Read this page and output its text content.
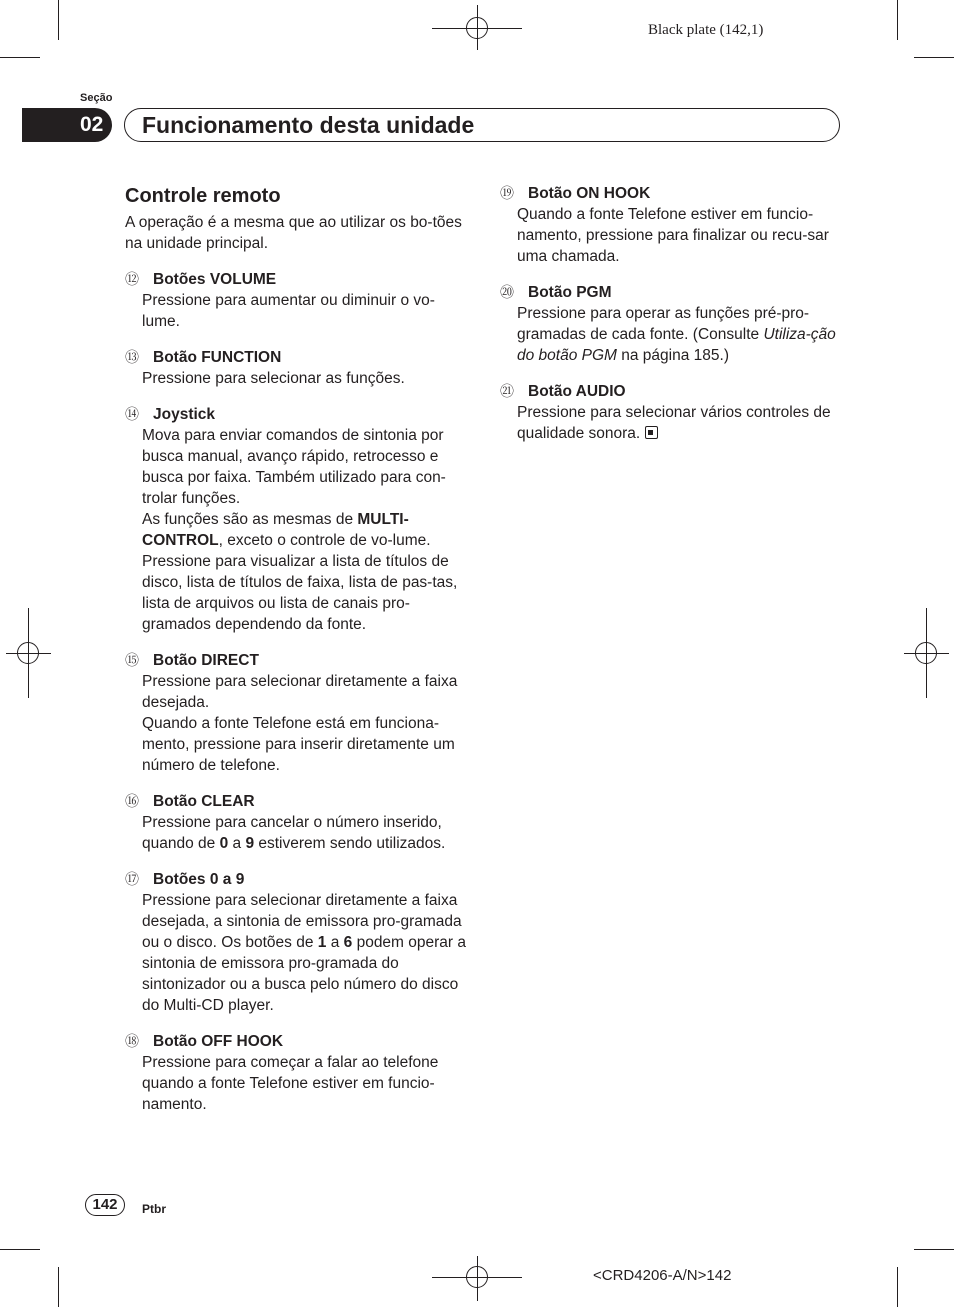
Black plate (142,1)
Seção
02	Funcionamento desta unidade
Controle remoto
A operação é a mesma que ao utilizar os bo-tões na unidade principal.
⑫ Botões VOLUME
Pressione para aumentar ou diminuir o vo-lume.
⑬ Botão FUNCTION
Pressione para selecionar as funções.
⑭ Joystick
Mova para enviar comandos de sintonia por busca manual, avanço rápido, retrocesso e busca por faixa. Também utilizado para con-trolar funções.
As funções são as mesmas de MULTI-CONTROL, exceto o controle de vo-lume.
Pressione para visualizar a lista de títulos de disco, lista de títulos de faixa, lista de pas-tas, lista de arquivos ou lista de canais pro-gramados dependendo da fonte.
⑮ Botão DIRECT
Pressione para selecionar diretamente a faixa desejada.
Quando a fonte Telefone está em funciona-mento, pressione para inserir diretamente um número de telefone.
⑯ Botão CLEAR
Pressione para cancelar o número inserido, quando de 0 a 9 estiverem sendo utilizados.
⑰ Botões 0 a 9
Pressione para selecionar diretamente a faixa desejada, a sintonia de emissora pro-gramada ou o disco. Os botões de 1 a 6 podem operar a sintonia de emissora pro-gramada do sintonizador ou a busca pelo número do disco do Multi-CD player.
⑱ Botão OFF HOOK
Pressione para começar a falar ao telefone quando a fonte Telefone estiver em funcio-namento.
⑲ Botão ON HOOK
Quando a fonte Telefone estiver em funcio-namento, pressione para finalizar ou recu-sar uma chamada.
⑳ Botão PGM
Pressione para operar as funções pré-pro-gramadas de cada fonte. (Consulte Utiliza-ção do botão PGM na página 185.)
㉑ Botão AUDIO
Pressione para selecionar vários controles de qualidade sonora.
142	Ptbr
<CRD4206-A/N>142
